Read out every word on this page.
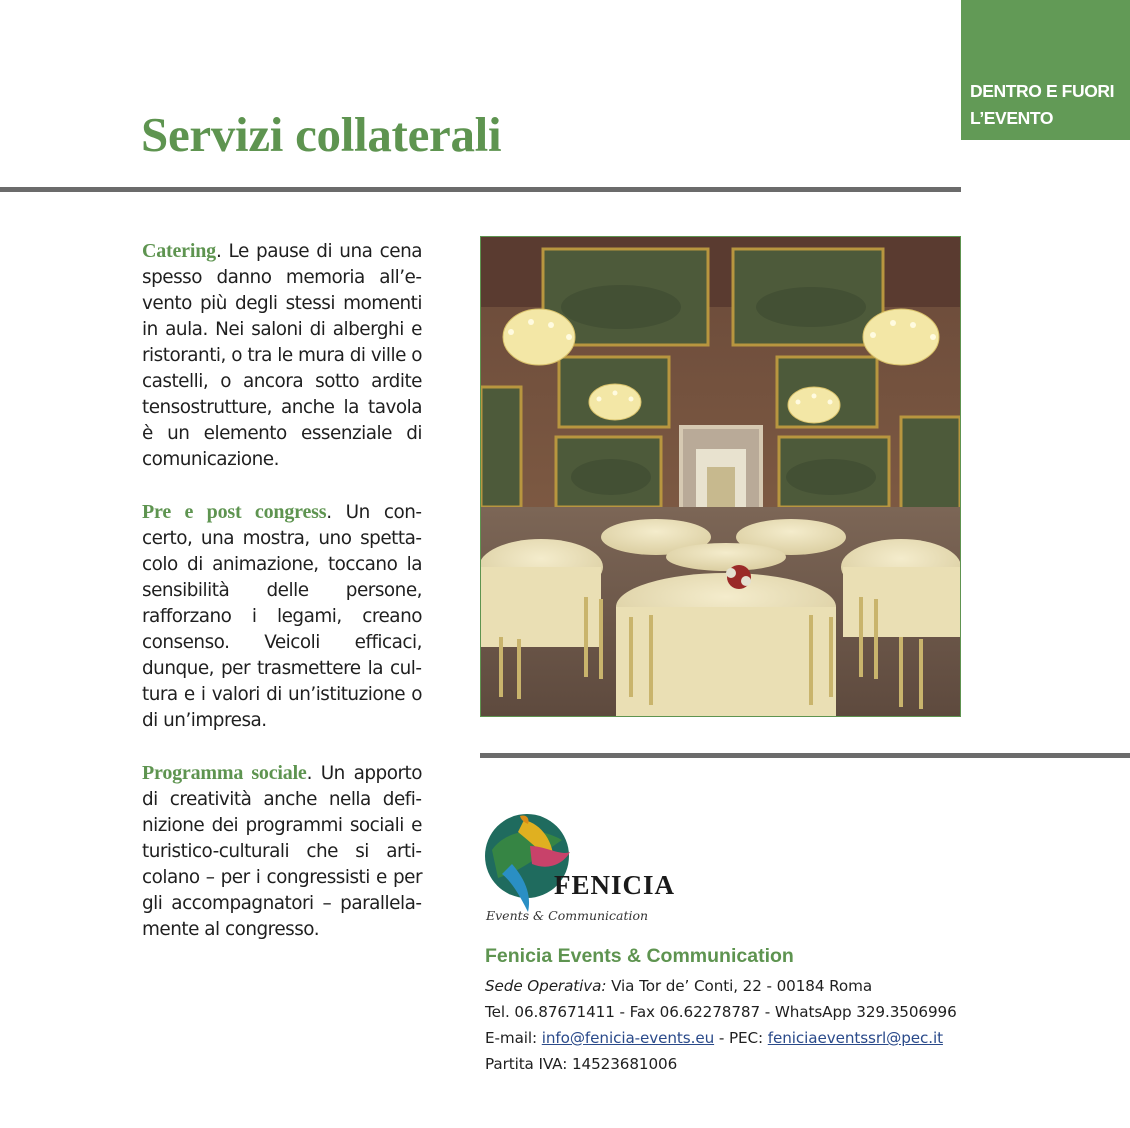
DENTRO E FUORI
L’EVENTO
Servizi collaterali

Catering. Le pause di una cena spesso danno memoria all’evento più degli stessi momenti in aula. Nei saloni di alberghi e ristoranti, o tra le mura di ville o castelli, o ancora sotto ardite tensostrutture, anche la tavola è un elemento essenziale di comunicazione.

Pre e post congress. Un concerto, una mostra, uno spettacolo di animazione, toccano la sensibilità delle persone, rafforzano i legami, creano consenso. Veicoli efficaci, dunque, per trasmettere la cultura e i valori di un’istituzione o di un’impresa.

Programma sociale. Un apporto di creatività anche nella definizione dei programmi sociali e turistico-culturali che si articolano – per i congressisti e per gli accompagnatori – parallelamente al congresso.

FENICIA
Events & Communication
Fenicia Events & Communication
Sede Operativa: Via Tor de’ Conti, 22 - 00184 Roma
Tel. 06.87671411 - Fax 06.62278787 - WhatsApp 329.3506996
E-mail: info@fenicia-events.eu - PEC: feniciaeventssrl@pec.it
Partita IVA: 14523681006
